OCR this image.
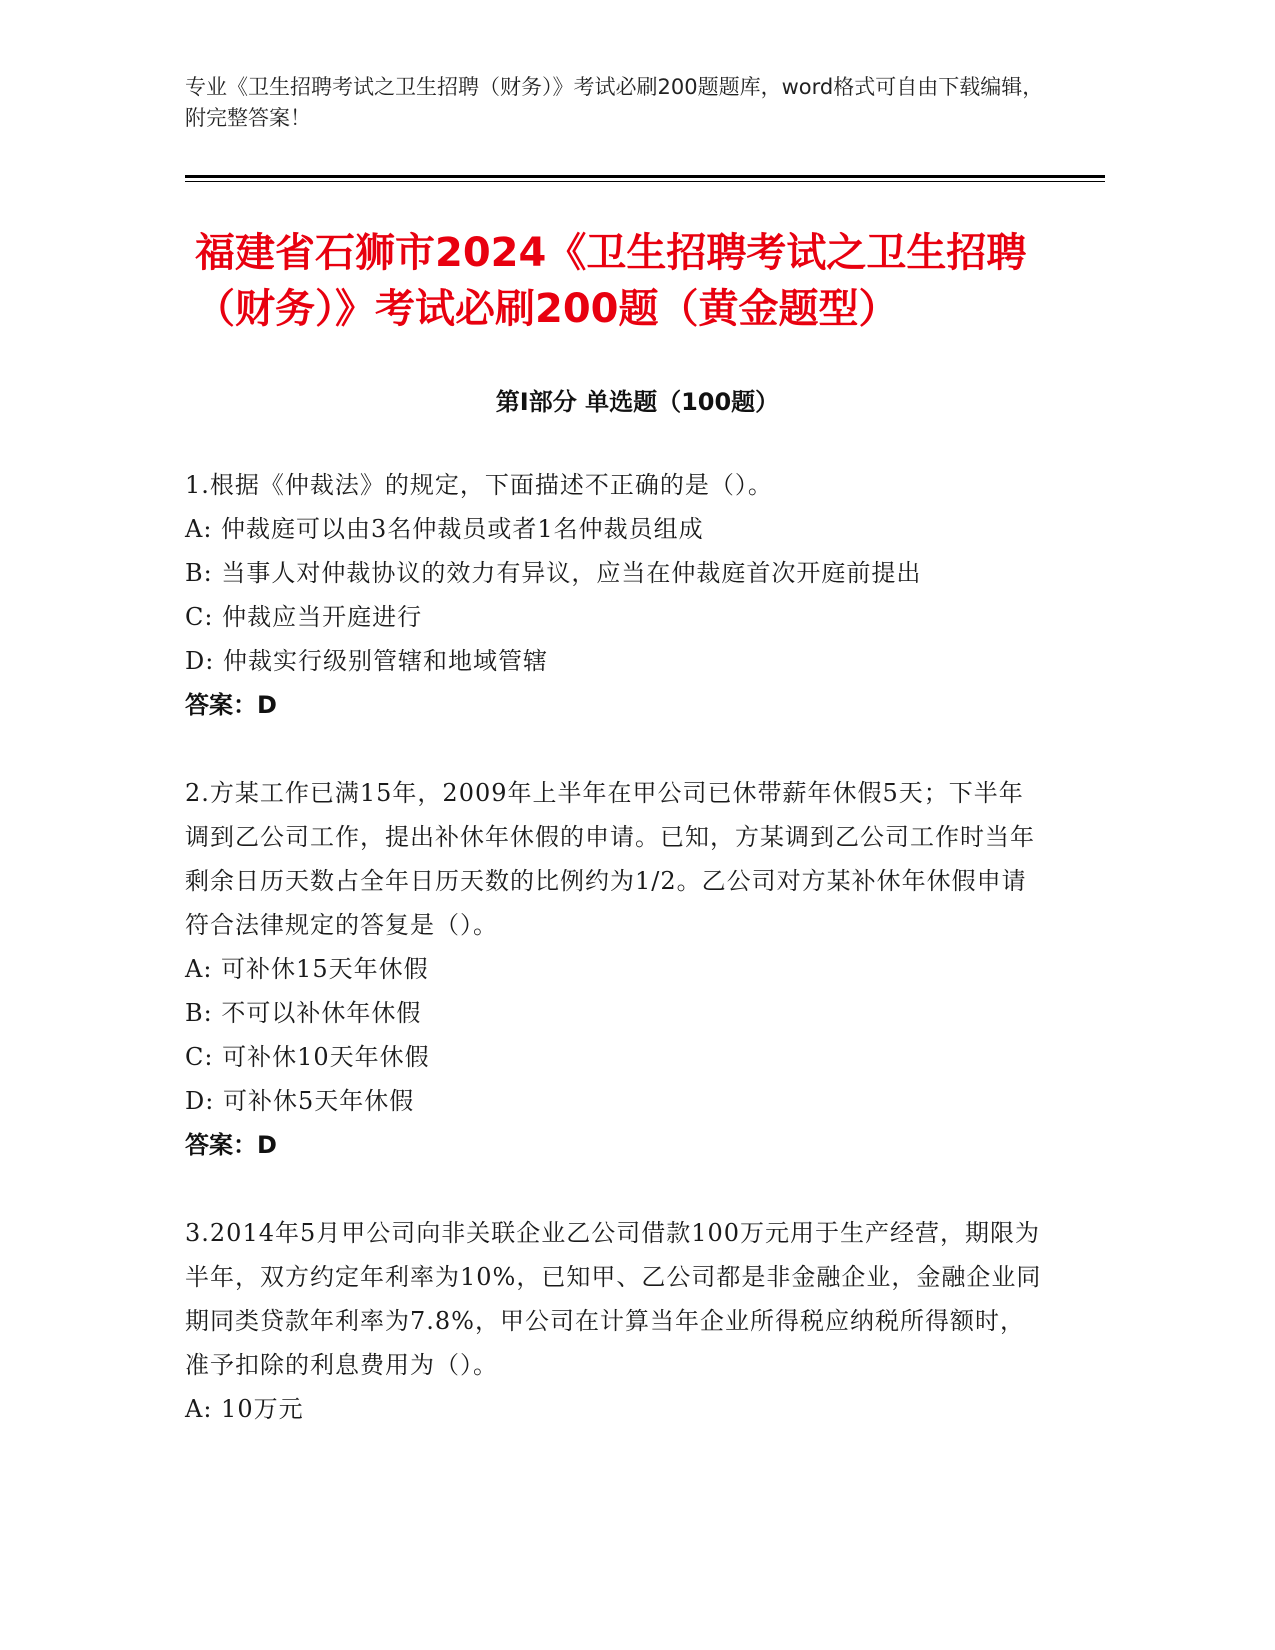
专业《卫生招聘考试之卫生招聘（财务）》考试必刷200题题库，word格式可自由下载编辑，附完整答案！
福建省石狮市2024《卫生招聘考试之卫生招聘（财务）》考试必刷200题（黄金题型）
第I部分 单选题（100题）
1.根据《仲裁法》的规定，下面描述不正确的是（）。
A: 仲裁庭可以由3名仲裁员或者1名仲裁员组成
B: 当事人对仲裁协议的效力有异议，应当在仲裁庭首次开庭前提出
C: 仲裁应当开庭进行
D: 仲裁实行级别管辖和地域管辖
答案：D
2.方某工作已满15年，2009年上半年在甲公司已休带薪年休假5天；下半年调到乙公司工作，提出补休年休假的申请。已知，方某调到乙公司工作时当年剩余日历天数占全年日历天数的比例约为1/2。乙公司对方某补休年休假申请符合法律规定的答复是（）。
A: 可补休15天年休假
B: 不可以补休年休假
C: 可补休10天年休假
D: 可补休5天年休假
答案：D
3.2014年5月甲公司向非关联企业乙公司借款100万元用于生产经营，期限为半年，双方约定年利率为10%，已知甲、乙公司都是非金融企业，金融企业同期同类贷款年利率为7.8%，甲公司在计算当年企业所得税应纳税所得额时，准予扣除的利息费用为（）。
A: 10万元
